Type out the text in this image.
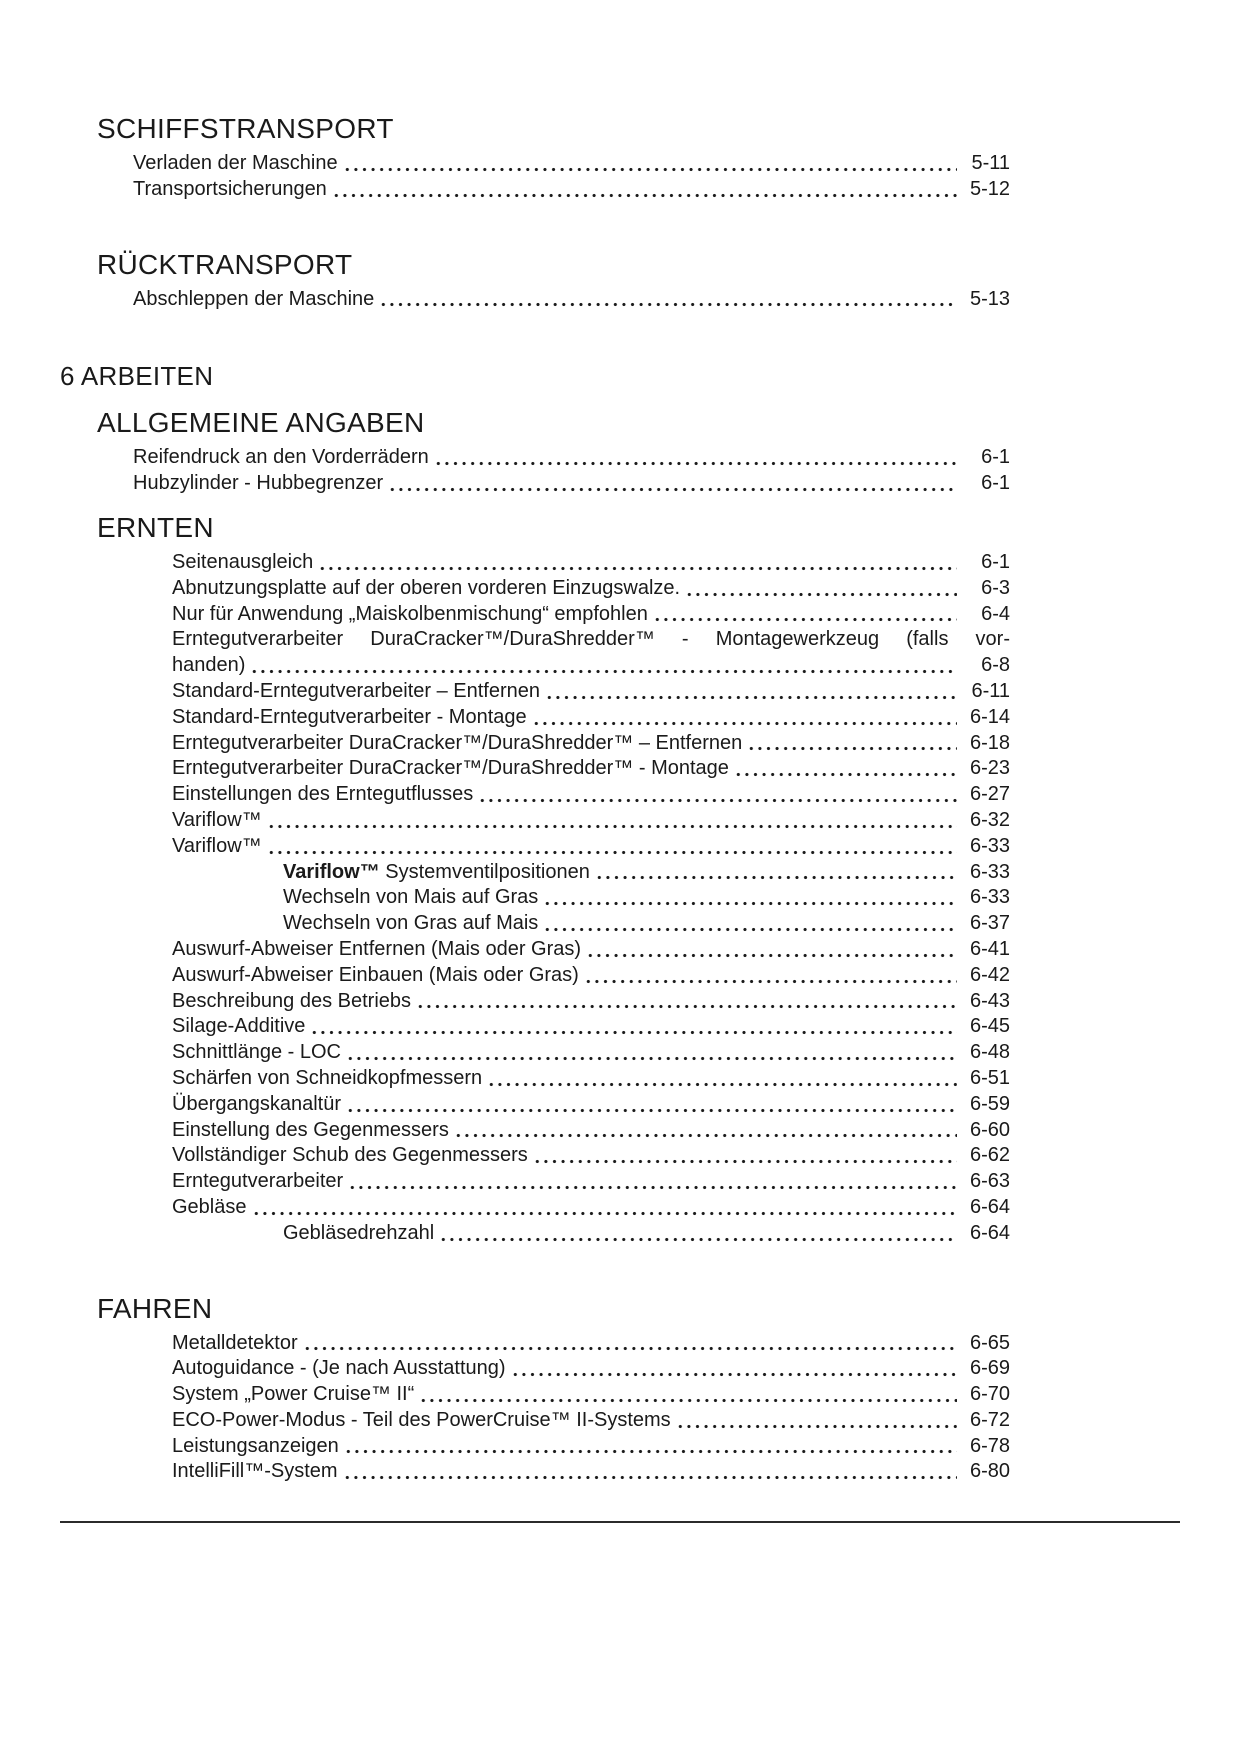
SCHIFFSTRANSPORT
Verladen der Maschine	5-11
Transportsicherungen	5-12
RÜCKTRANSPORT
Abschleppen der Maschine	5-13
6 ARBEITEN
ALLGEMEINE ANGABEN
Reifendruck an den Vorderrädern	6-1
Hubzylinder - Hubbegrenzer	6-1
ERNTEN
Seitenausgleich	6-1
Abnutzungsplatte auf der oberen vorderen Einzugswalze.	6-3
Nur für Anwendung „Maiskolbenmischung“ empfohlen	6-4
Erntegutverarbeiter DuraCracker™/DuraShredder™ - Montagewerkzeug (falls vor-
handen)	6-8
Standard-Erntegutverarbeiter – Entfernen	6-11
Standard-Erntegutverarbeiter - Montage	6-14
Erntegutverarbeiter DuraCracker™/DuraShredder™ – Entfernen	6-18
Erntegutverarbeiter DuraCracker™/DuraShredder™ - Montage	6-23
Einstellungen des Erntegutflusses	6-27
Variflow™	6-32
Variflow™	6-33
Variflow™ Systemventilpositionen	6-33
Wechseln von Mais auf Gras	6-33
Wechseln von Gras auf Mais	6-37
Auswurf-Abweiser Entfernen (Mais oder Gras)	6-41
Auswurf-Abweiser Einbauen (Mais oder Gras)	6-42
Beschreibung des Betriebs	6-43
Silage-Additive	6-45
Schnittlänge - LOC	6-48
Schärfen von Schneidkopfmessern	6-51
Übergangskanaltür	6-59
Einstellung des Gegenmessers	6-60
Vollständiger Schub des Gegenmessers	6-62
Erntegutverarbeiter	6-63
Gebläse	6-64
Gebläsedrehzahl	6-64
FAHREN
Metalldetektor	6-65
Autoguidance - (Je nach Ausstattung)	6-69
System „Power Cruise™ II“	6-70
ECO-Power-Modus - Teil des PowerCruise™ II-Systems	6-72
Leistungsanzeigen	6-78
IntelliFill™-System	6-80
